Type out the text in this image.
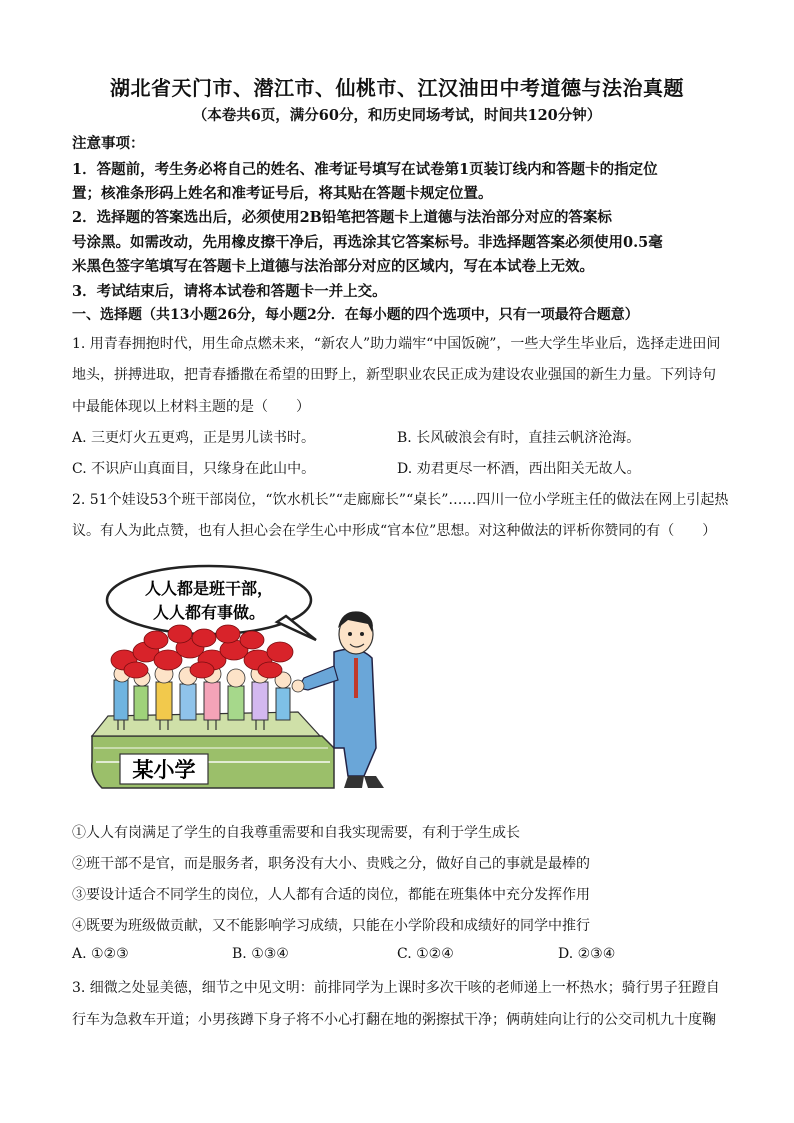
湖北省天门市、潜江市、仙桃市、江汉油田中考道德与法治真题
（本卷共6页，满分60分，和历史同场考试，时间共120分钟）
注意事项：
1．答题前，考生务必将自己的姓名、准考证号填写在试卷第1页装订线内和答题卡的指定位
置；核准条形码上姓名和准考证号后，将其贴在答题卡规定位置。
2．选择题的答案选出后，必须使用2B铅笔把答题卡上道德与法治部分对应的答案标
号涂黑。如需改动，先用橡皮擦干净后，再选涂其它答案标号。非选择题答案必须使用0.5毫
米黑色签字笔填写在答题卡上道德与法治部分对应的区域内，写在本试卷上无效。
3．考试结束后，请将本试卷和答题卡一并上交。
一、选择题（共13小题26分，每小题2分．在每小题的四个选项中，只有一项最符合题意）
1. 用青春拥抱时代，用生命点燃未来，“新农人”助力端牢“中国饭碗”，一些大学生毕业后，选择走进田间
地头，拼搏进取，把青春播撒在希望的田野上，新型职业农民正成为建设农业强国的新生力量。下列诗句
中最能体现以上材料主题的是（　　）
A. 三更灯火五更鸡，正是男儿读书时。	B. 长风破浪会有时，直挂云帆济沧海。
C. 不识庐山真面目，只缘身在此山中。	D. 劝君更尽一杯酒，西出阳关无故人。
2. 51个娃设53个班干部岗位，“饮水机长”“走廊廊长”“桌长”……四川一位小学班主任的做法在网上引起热
议。有人为此点赞，也有人担心会在学生心中形成“官本位”思想。对这种做法的评析你赞同的有（　　）
人人都是班干部，
人人都有事做。
某小学
①人人有岗满足了学生的自我尊重需要和自我实现需要，有利于学生成长
②班干部不是官，而是服务者，职务没有大小、贵贱之分，做好自己的事就是最棒的
③要设计适合不同学生的岗位，人人都有合适的岗位，都能在班集体中充分发挥作用
④既要为班级做贡献，又不能影响学习成绩，只能在小学阶段和成绩好的同学中推行
A. ①②③	B. ①③④	C. ①②④	D. ②③④
3. 细微之处显美德，细节之中见文明：前排同学为上课时多次干咳的老师递上一杯热水；骑行男子狂蹬自
行车为急救车开道；小男孩蹲下身子将不小心打翻在地的粥擦拭干净；俩萌娃向让行的公交司机九十度鞠
